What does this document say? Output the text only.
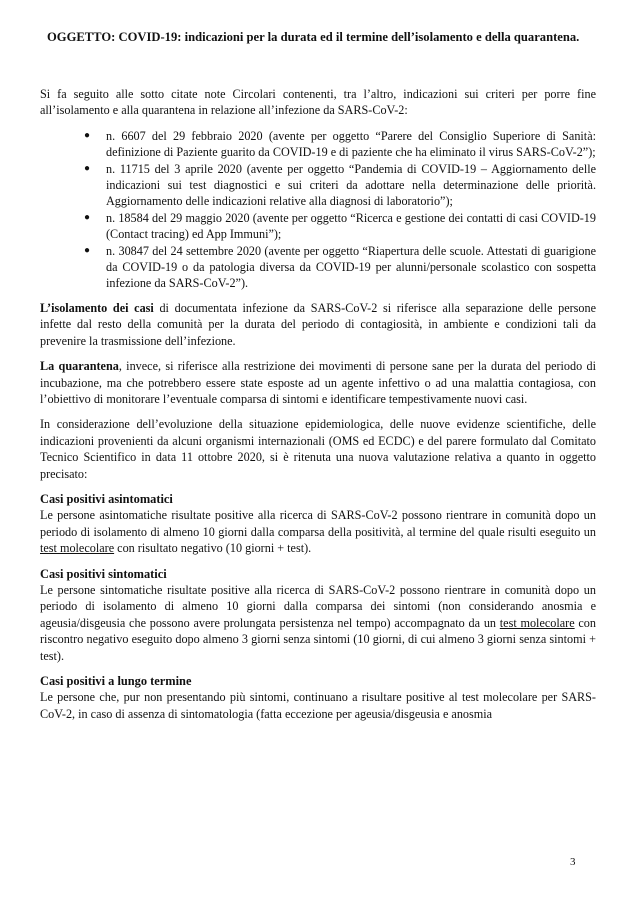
OGGETTO: COVID-19: indicazioni per la durata ed il termine dell’isolamento e della quarantena.

Si fa seguito alle sotto citate note Circolari contenenti, tra l’altro, indicazioni sui criteri per porre fine all’isolamento e alla quarantena in relazione all’infezione da SARS-CoV-2:

● n. 6607 del 29 febbraio 2020 (avente per oggetto “Parere del Consiglio Superiore di Sanità: definizione di Paziente guarito da COVID-19 e di paziente che ha eliminato il virus SARS-CoV-2”);
● n. 11715 del 3 aprile 2020 (avente per oggetto “Pandemia di COVID-19 – Aggiornamento delle indicazioni sui test diagnostici e sui criteri da adottare nella determinazione delle priorità. Aggiornamento delle indicazioni relative alla diagnosi di laboratorio”);
● n. 18584 del 29 maggio 2020 (avente per oggetto “Ricerca e gestione dei contatti di casi COVID-19 (Contact tracing) ed App Immuni”);
● n. 30847 del 24 settembre 2020 (avente per oggetto “Riapertura delle scuole. Attestati di guarigione da COVID-19 o da patologia diversa da COVID-19 per alunni/personale scolastico con sospetta infezione da SARS-CoV-2”).

L’isolamento dei casi di documentata infezione da SARS-CoV-2 si riferisce alla separazione delle persone infette dal resto della comunità per la durata del periodo di contagiosità, in ambiente e condizioni tali da prevenire la trasmissione dell’infezione.

La quarantena, invece, si riferisce alla restrizione dei movimenti di persone sane per la durata del periodo di incubazione, ma che potrebbero essere state esposte ad un agente infettivo o ad una malattia contagiosa, con l’obiettivo di monitorare l’eventuale comparsa di sintomi e identificare tempestivamente nuovi casi.

In considerazione dell’evoluzione della situazione epidemiologica, delle nuove evidenze scientifiche, delle indicazioni provenienti da alcuni organismi internazionali (OMS ed ECDC) e del parere formulato dal Comitato Tecnico Scientifico in data 11 ottobre 2020, si è ritenuta una nuova valutazione relativa a quanto in oggetto precisato:

Casi positivi asintomatici

Le persone asintomatiche risultate positive alla ricerca di SARS-CoV-2 possono rientrare in comunità dopo un periodo di isolamento di almeno 10 giorni dalla comparsa della positività, al termine del quale risulti eseguito un test molecolare con risultato negativo (10 giorni + test).

Casi positivi sintomatici

Le persone sintomatiche risultate positive alla ricerca di SARS-CoV-2 possono rientrare in comunità dopo un periodo di isolamento di almeno 10 giorni dalla comparsa dei sintomi (non considerando anosmia e ageusia/disgeusia che possono avere prolungata persistenza nel tempo) accompagnato da un test molecolare con riscontro negativo eseguito dopo almeno 3 giorni senza sintomi (10 giorni, di cui almeno 3 giorni senza sintomi + test).

Casi positivi a lungo termine

Le persone che, pur non presentando più sintomi, continuano a risultare positive al test molecolare per SARS-CoV-2, in caso di assenza di sintomatologia (fatta eccezione per ageusia/disgeusia e anosmia

3
